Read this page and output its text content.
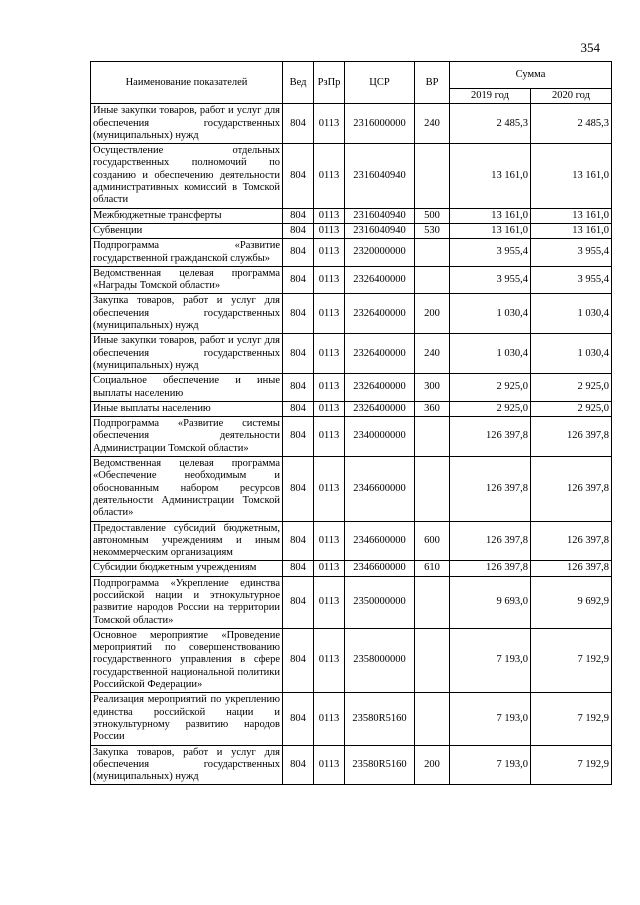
354
Наименование показателей	Вед	РзПр	ЦСР	ВР	Сумма	
					2019 год	2020 год
Иные закупки товаров, работ и услуг для обеспечения государственных (муниципальных) нужд	804	0113	2316000000	240	2 485,3	2 485,3
Осуществление отдельных государственных полномочий по созданию и обеспечению деятельности административных комиссий в Томской области	804	0113	2316040940		13 161,0	13 161,0
Межбюджетные трансферты	804	0113	2316040940	500	13 161,0	13 161,0
Субвенции	804	0113	2316040940	530	13 161,0	13 161,0
Подпрограмма «Развитие государственной гражданской службы»	804	0113	2320000000		3 955,4	3 955,4
Ведомственная целевая программа «Награды Томской области»	804	0113	2326400000		3 955,4	3 955,4
Закупка товаров, работ и услуг для обеспечения государственных (муниципальных) нужд	804	0113	2326400000	200	1 030,4	1 030,4
Иные закупки товаров, работ и услуг для обеспечения государственных (муниципальных) нужд	804	0113	2326400000	240	1 030,4	1 030,4
Социальное обеспечение и иные выплаты населению	804	0113	2326400000	300	2 925,0	2 925,0
Иные выплаты населению	804	0113	2326400000	360	2 925,0	2 925,0
Подпрограмма «Развитие системы обеспечения деятельности Администрации Томской области»	804	0113	2340000000		126 397,8	126 397,8
Ведомственная целевая программа «Обеспечение необходимым и обоснованным набором ресурсов деятельности Администрации Томской области»	804	0113	2346600000		126 397,8	126 397,8
Предоставление субсидий бюджетным, автономным учреждениям и иным некоммерческим организациям	804	0113	2346600000	600	126 397,8	126 397,8
Субсидии бюджетным учреждениям	804	0113	2346600000	610	126 397,8	126 397,8
Подпрограмма «Укрепление единства российской нации и этнокультурное развитие народов России на территории Томской области»	804	0113	2350000000		9 693,0	9 692,9
Основное мероприятие «Проведение мероприятий по совершенствованию государственного управления в сфере государственной национальной политики Российской Федерации»	804	0113	2358000000		7 193,0	7 192,9
Реализация мероприятий по укреплению единства российской нации и этнокультурному развитию народов России	804	0113	23580R5160		7 193,0	7 192,9
Закупка товаров, работ и услуг для обеспечения государственных (муниципальных) нужд	804	0113	23580R5160	200	7 193,0	7 192,9
